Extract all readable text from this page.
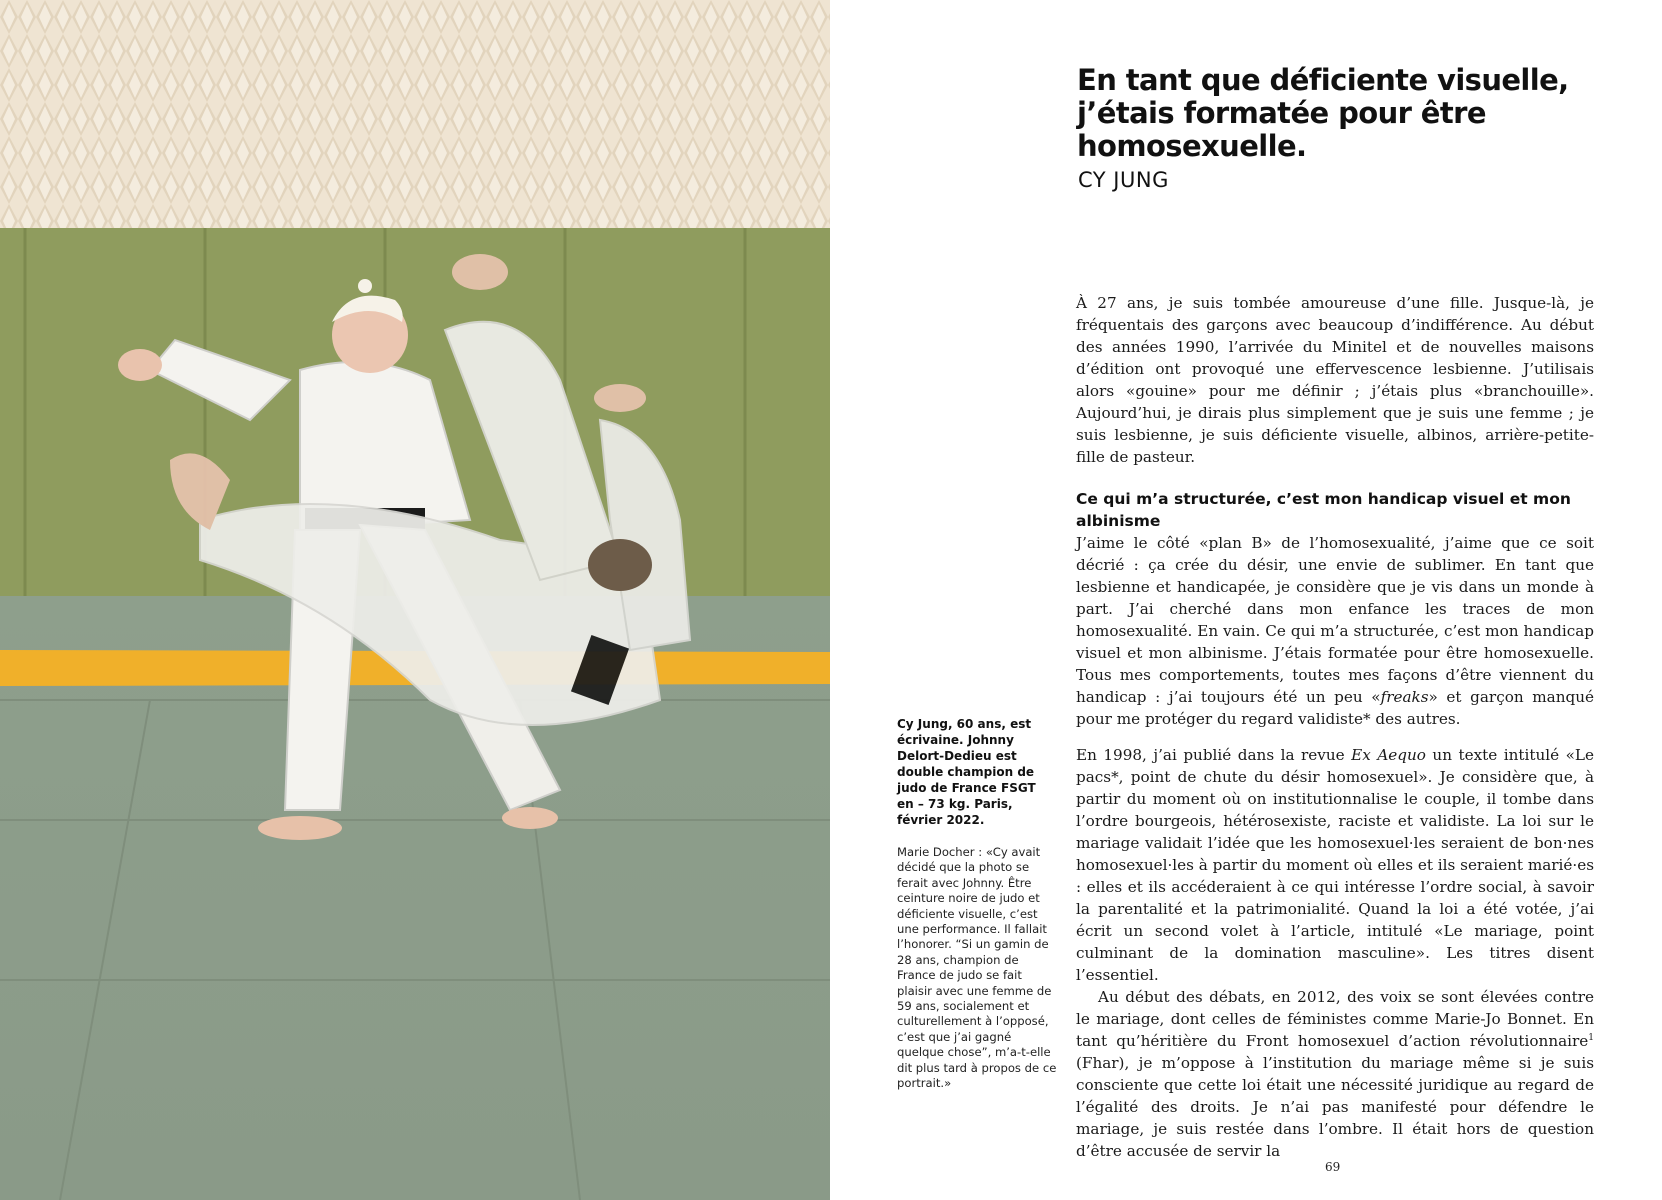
En tant que déficiente visuelle, j’étais formatée pour être homosexuelle.
CY JUNG

À 27 ans, je suis tombée amoureuse d’une fille. Jusque-là, je fréquentais des garçons avec beaucoup d’indifférence. Au début des années 1990, l’arrivée du Minitel et de nouvelles maisons d’édition ont provoqué une effervescence lesbienne. J’utilisais alors «gouine» pour me définir ; j’étais plus «branchouille». Aujourd’hui, je dirais plus simplement que je suis une femme ; je suis lesbienne, je suis déficiente visuelle, albinos, arrière-petite-fille de pasteur.

Ce qui m’a structurée, c’est mon handicap visuel et mon albinisme

J’aime le côté «plan B» de l’homosexualité, j’aime que ce soit décrié : ça crée du désir, une envie de sublimer. En tant que lesbienne et handicapée, je considère que je vis dans un monde à part. J’ai cherché dans mon enfance les traces de mon homosexualité. En vain. Ce qui m’a structurée, c’est mon handicap visuel et mon albinisme. J’étais formatée pour être homosexuelle. Tous mes comportements, toutes mes façons d’être viennent du handicap : j’ai toujours été un peu «freaks» et garçon manqué pour me protéger du regard validiste* des autres.

En 1998, j’ai publié dans la revue Ex Aequo un texte intitulé «Le pacs*, point de chute du désir homosexuel». Je considère que, à partir du moment où on institutionnalise le couple, il tombe dans l’ordre bourgeois, hétérosexiste, raciste et validiste. La loi sur le mariage validait l’idée que les homosexuel·les seraient de bon·nes homosexuel·les à partir du moment où elles et ils seraient marié·es : elles et ils accéderaient à ce qui intéresse l’ordre social, à savoir la parentalité et la patrimonialité. Quand la loi a été votée, j’ai écrit un second volet à l’article, intitulé «Le mariage, point culminant de la domination masculine». Les titres disent l’essentiel.

Au début des débats, en 2012, des voix se sont élevées contre le mariage, dont celles de féministes comme Marie-Jo Bonnet. En tant qu’héritière du Front homosexuel d’action révolutionnaire$^1$ (Fhar), je m’oppose à l’institution du mariage même si je suis consciente que cette loi était une nécessité juridique au regard de l’égalité des droits. Je n’ai pas manifesté pour défendre le mariage, je suis restée dans l’ombre. Il était hors de question d’être accusée de servir la

Cy Jung, 60 ans, est écrivaine. Johnny Delort-Dedieu est double champion de judo de France FSGT en – 73 kg. Paris, février 2022.

Marie Docher : «Cy avait décidé que la photo se ferait avec Johnny. Être ceinture noire de judo et déficiente visuelle, c’est une performance. Il fallait l’honorer. “Si un gamin de 28 ans, champion de France de judo se fait plaisir avec une femme de 59 ans, socialement et culturellement à l’opposé, c’est que j’ai gagné quelque chose”, m’a-t-elle dit plus tard à propos de ce portrait.»

69
